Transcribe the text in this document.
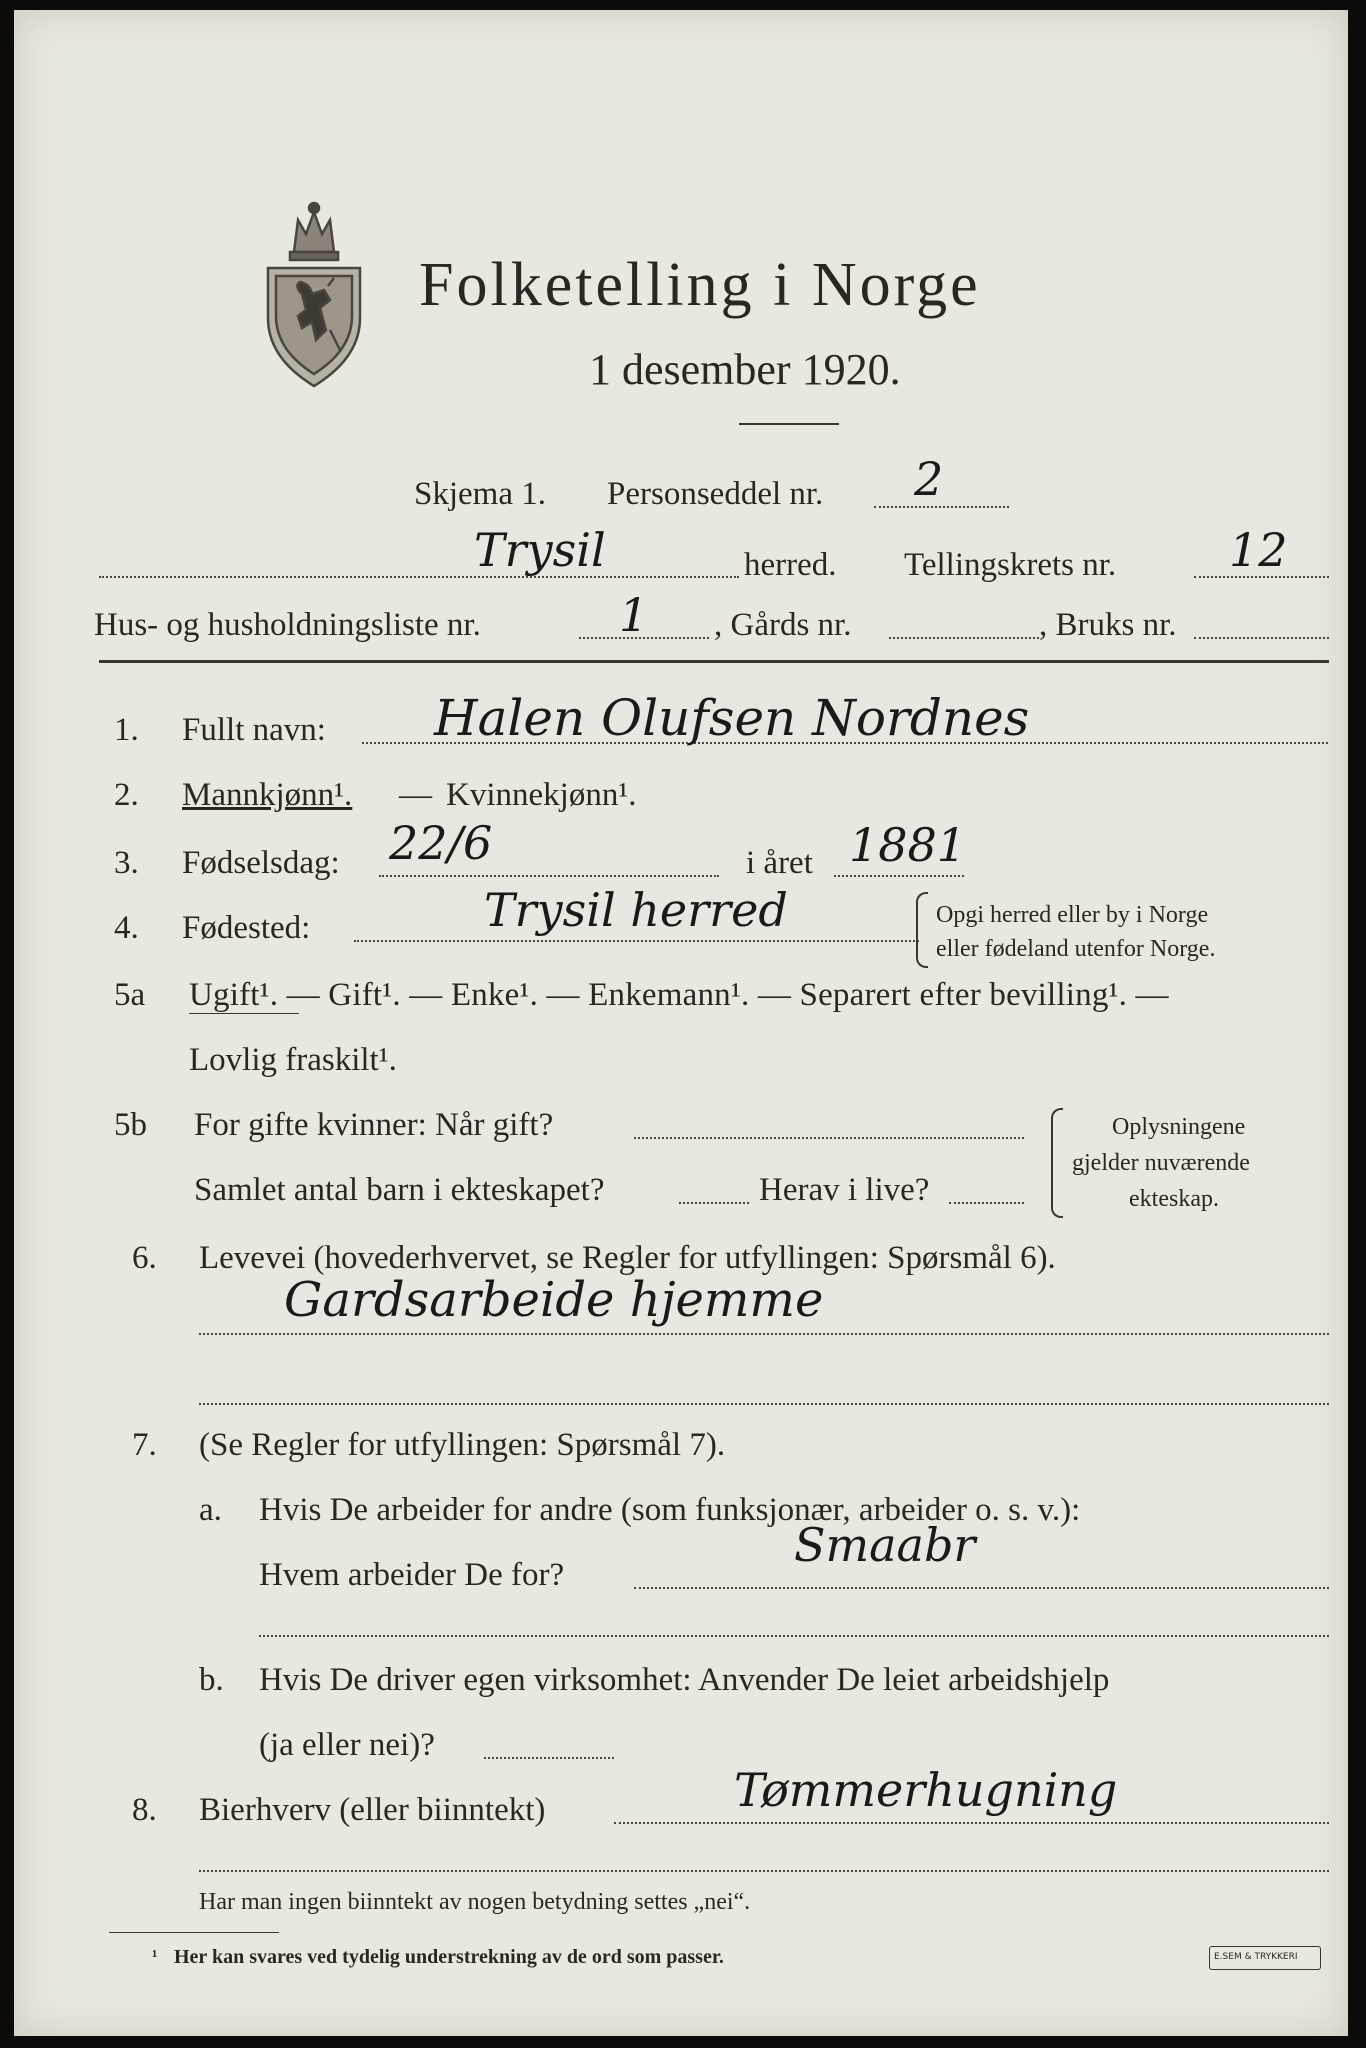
Folketelling i Norge
1 desember 1920.
Skjema 1. Personseddel nr. 2
Trysil	herred. Tellingskrets nr. 12
Hus- og husholdningsliste nr.	1 , Gårds nr.	, Bruks nr.
1. Fullt navn: Halen Olufsen Nordnes
2. Mannkjønn¹. — Kvinnekjønn¹.
3. Fødselsdag: 22/6	i året 1881
4. Fødested:	Trysil herred	Opgi herred eller by i Norge
eller fødeland utenfor Norge.
5a Ugift¹. — Gift¹. — Enke¹. — Enkemann¹. — Separert efter bevilling¹. —
Lovlig fraskilt¹.
5b For gifte kvinner: Når gift?
Samlet antal barn i ekteskapet?	Herav i live?
Oplysningene
gjelder nuværende
ekteskap.
6. Levevei (hovederhvervet, se Regler for utfyllingen: Spørsmål 6).
Gardsarbeide hjemme
7. (Se Regler for utfyllingen: Spørsmål 7).
a. Hvis De arbeider for andre (som funksjonær, arbeider o. s. v.):
Hvem arbeider De for?
Smaabr
b. Hvis De driver egen virksomhet: Anvender De leiet arbeidshjelp
(ja eller nei)?
8. Bierhverv (eller biinntekt)	Tømmerhugning
Har man ingen biinntekt av nogen betydning settes „nei“.
¹ Her kan svares ved tydelig understrekning av de ord som passer.	E.SEM & TRYKKERI
